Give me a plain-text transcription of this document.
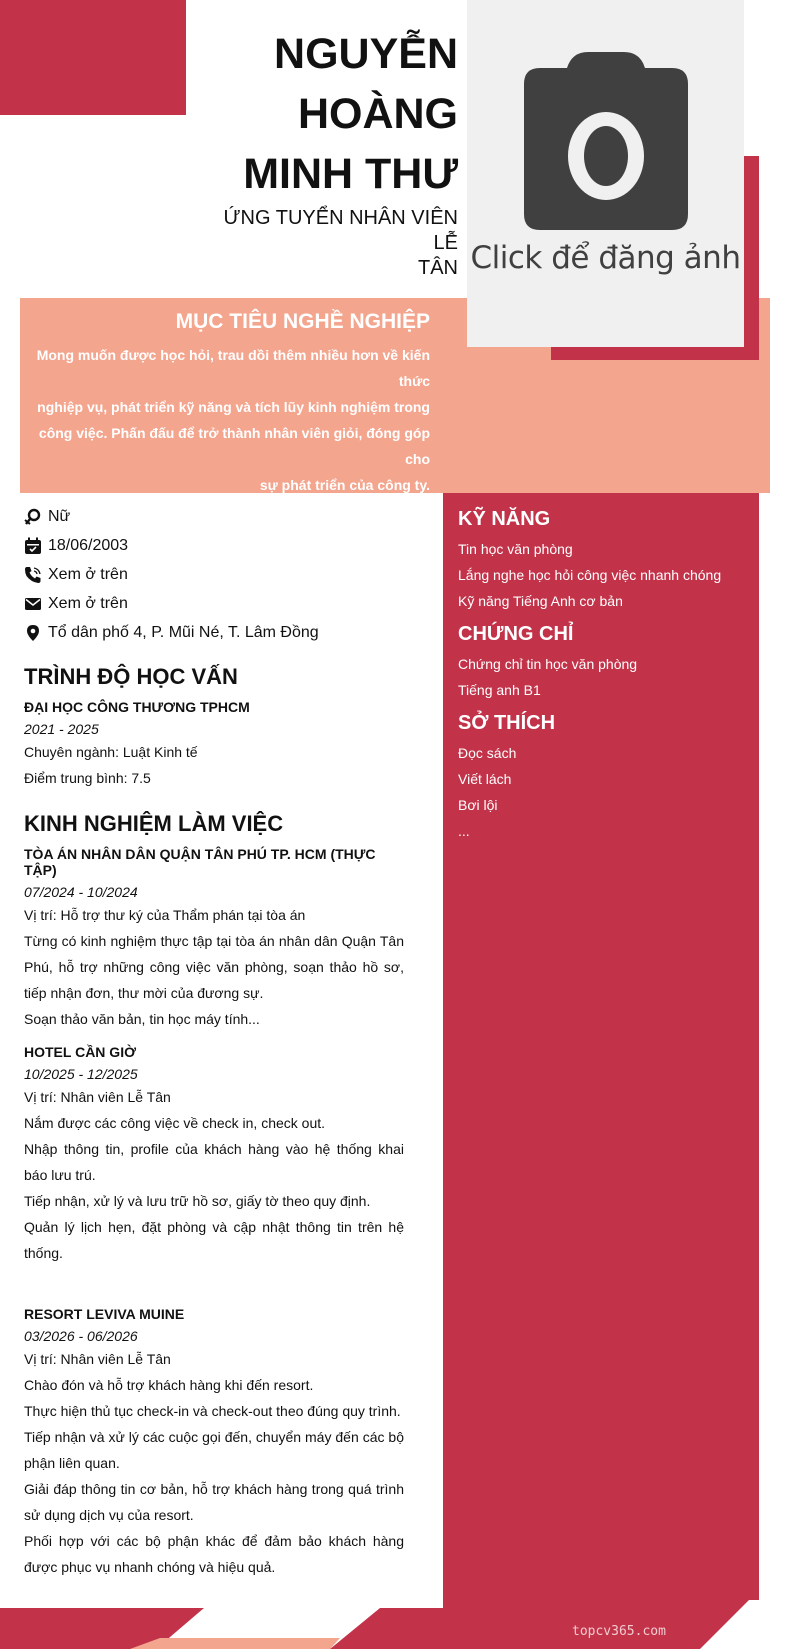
NGUYỄN
HOÀNG
MINH THƯ
ỨNG TUYỂN NHÂN VIÊN LỄ
TÂN Click để đăng ảnh
MỤC TIÊU NGHỀ NGHIỆP
Mong muốn được học hỏi, trau dồi thêm nhiều hơn về kiến thức
nghiệp vụ, phát triển kỹ năng và tích lũy kinh nghiệm trong
công việc. Phấn đấu để trở thành nhân viên giỏi, đóng góp cho
sự phát triển của công ty.
Nữ
18/06/2003
Xem ở trên
Xem ở trên
Tổ dân phố 4, P. Mũi Né, T. Lâm Đồng
TRÌNH ĐỘ HỌC VẤN
ĐẠI HỌC CÔNG THƯƠNG TPHCM
2021 - 2025
Chuyên ngành: Luật Kinh tế
Điểm trung bình: 7.5
KINH NGHIỆM LÀM VIỆC
TÒA ÁN NHÂN DÂN QUẬN TÂN PHÚ TP. HCM (THỰC TẬP)
07/2024 - 10/2024
Vị trí: Hỗ trợ thư ký của Thẩm phán tại tòa án
Từng có kinh nghiệm thực tập tại tòa án nhân dân Quận Tân Phú, hỗ trợ những công việc văn phòng, soạn thảo hồ sơ, tiếp nhận đơn, thư mời của đương sự.
Soạn thảo văn bản, tin học máy tính...
HOTEL CẦN GIỜ
10/2025 - 12/2025
Vị trí: Nhân viên Lễ Tân
Nắm được các công việc về check in, check out.
Nhập thông tin, profile của khách hàng vào hệ thống khai báo lưu trú.
Tiếp nhận, xử lý và lưu trữ hồ sơ, giấy tờ theo quy định.
Quản lý lịch hẹn, đặt phòng và cập nhật thông tin trên hệ thống.
RESORT LEVIVA MUINE
03/2026 - 06/2026
Vị trí: Nhân viên Lễ Tân
Chào đón và hỗ trợ khách hàng khi đến resort.
Thực hiện thủ tục check-in và check-out theo đúng quy trình.
Tiếp nhận và xử lý các cuộc gọi đến, chuyển máy đến các bộ phận liên quan.
Giải đáp thông tin cơ bản, hỗ trợ khách hàng trong quá trình sử dụng dịch vụ của resort.
Phối hợp với các bộ phận khác để đảm bảo khách hàng được phục vụ nhanh chóng và hiệu quả.
KỸ NĂNG
Tin học văn phòng
Lắng nghe học hỏi công việc nhanh chóng
Kỹ năng Tiếng Anh cơ bản
CHỨNG CHỈ
Chứng chỉ tin học văn phòng
Tiếng anh B1
SỞ THÍCH
Đọc sách
Viết lách
Bơi lội
...
topcv365.com
